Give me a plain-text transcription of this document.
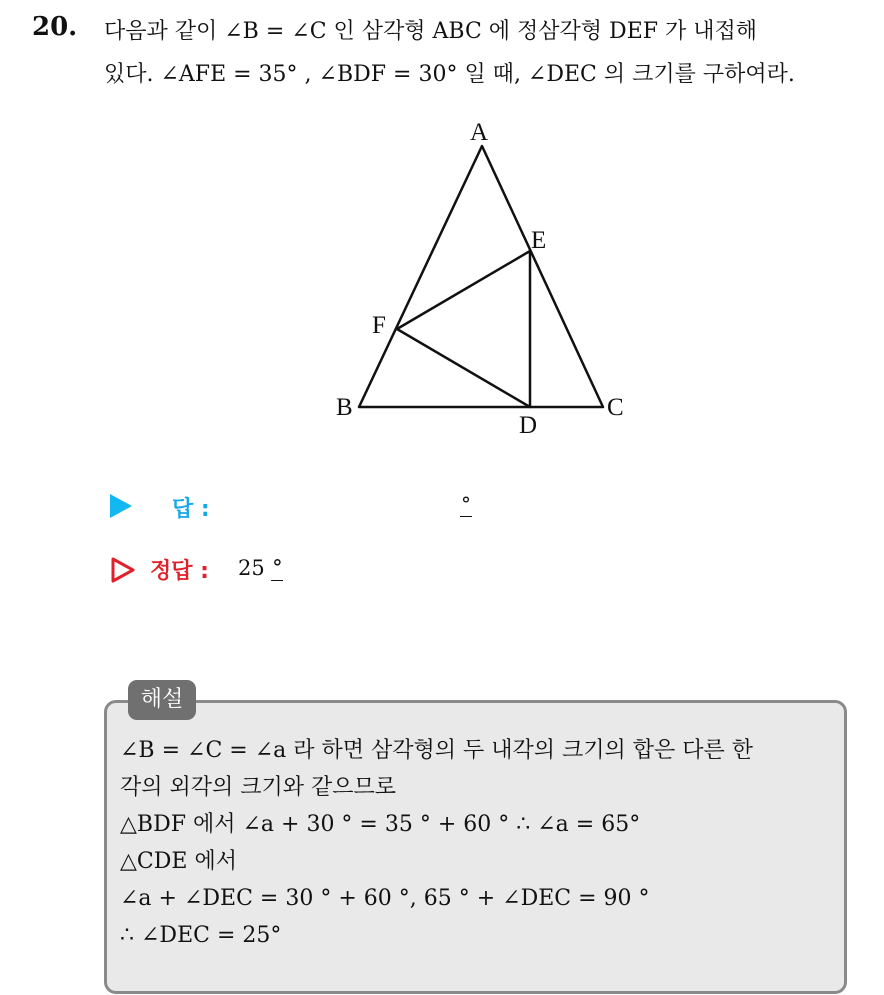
20. 다음과 같이 ∠B = ∠C 인 삼각형 ABC 에 정삼각형 DEF 가 내접해
있다. ∠AFE = 35° , ∠BDF = 30° 일 때, ∠DEC 의 크기를 구하여라.
A
B	C
D
E
F
답 :	°
정답 : 25 °
해설
∠B = ∠C = ∠a 라 하면 삼각형의 두 내각의 크기의 합은 다른 한
각의 외각의 크기와 같으므로
△BDF 에서 ∠a + 30 ° = 35 ° + 60 ° ∴ ∠a = 65°
△CDE 에서
∠a + ∠DEC = 30 ° + 60 °, 65 ° + ∠DEC = 90 °
∴ ∠DEC = 25°
